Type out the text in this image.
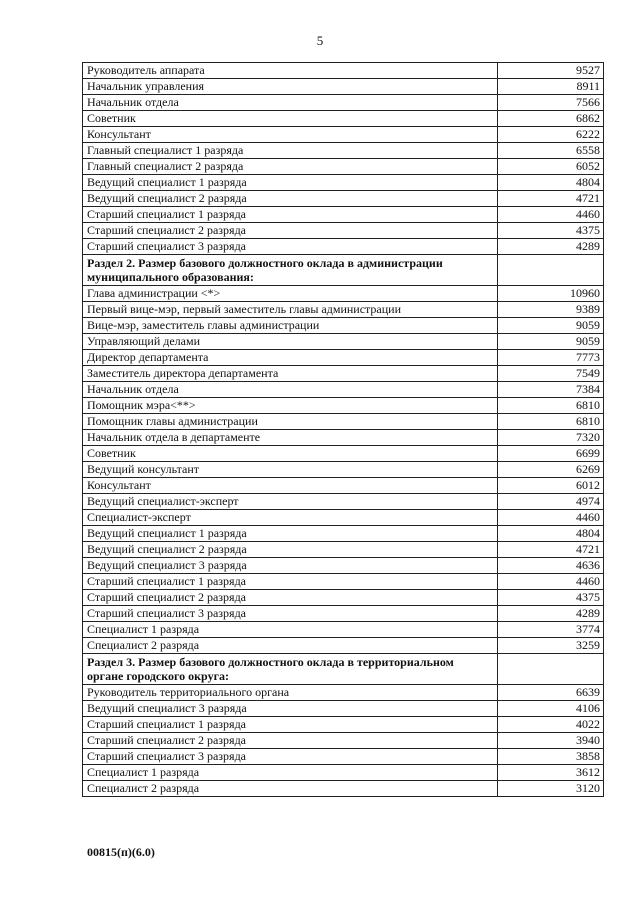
5
Руководитель аппарата	9527
Начальник управления	8911
Начальник отдела	7566
Советник	6862
Консультант	6222
Главный специалист 1 разряда	6558
Главный специалист 2 разряда	6052
Ведущий специалист 1 разряда	4804
Ведущий специалист 2 разряда	4721
Старший специалист 1 разряда	4460
Старший специалист 2 разряда	4375
Старший специалист 3 разряда	4289
Раздел 2. Размер базового должностного оклада в администрации муниципального образования:	
Глава администрации <*>	10960
Первый вице-мэр, первый заместитель главы администрации	9389
Вице-мэр, заместитель главы администрации	9059
Управляющий делами	9059
Директор департамента	7773
Заместитель директора департамента	7549
Начальник отдела	7384
Помощник мэра<**>	6810
Помощник главы администрации	6810
Начальник отдела в департаменте	7320
Советник	6699
Ведущий консультант	6269
Консультант	6012
Ведущий специалист-эксперт	4974
Специалист-эксперт	4460
Ведущий специалист 1 разряда	4804
Ведущий специалист 2 разряда	4721
Ведущий специалист 3 разряда	4636
Старший специалист 1 разряда	4460
Старший специалист 2 разряда	4375
Старший специалист 3 разряда	4289
Специалист 1 разряда	3774
Специалист 2 разряда	3259
Раздел 3. Размер базового должностного оклада в территориальном органе городского округа:	
Руководитель территориального органа	6639
Ведущий специалист 3 разряда	4106
Старший специалист 1 разряда	4022
Старший специалист 2 разряда	3940
Старший специалист 3 разряда	3858
Специалист 1 разряда	3612
Специалист 2 разряда	3120
00815(п)(6.0)
